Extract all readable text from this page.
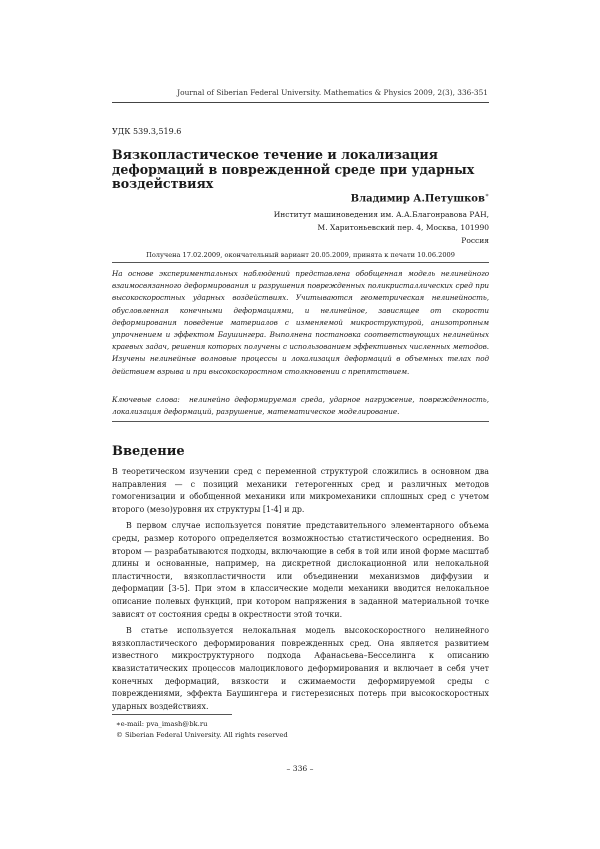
Journal of Siberian Federal University. Mathematics & Physics 2009, 2(3), 336-351
УДК 539.3,519.6
Вязкопластическое течение и локализация деформаций в поврежденной среде при ударных воздействиях
Владимир А.Петушков∗
Институт машиноведения им. А.А.Благонравова РАН,
М. Харитоньевский пер. 4, Москва, 101990
Россия
Получена 17.02.2009, окончательный вариант 20.05.2009, принята к печати 10.06.2009
На основе экспериментальных наблюдений представлена обобщенная модель нелинейного взаимосвязанного деформирования и разрушения поврежденных поликристаллических сред при высокоскоростных ударных воздействиях. Учитываются геометрическая нелинейность, обусловленная конечными деформациями, и нелинейное, зависящее от скорости деформирования поведение материалов с изменяемой микроструктурой, анизотропным упрочнением и эффектом Баушингера. Выполнена постановка соответствующих нелинейных краевых задач, решения которых получены с использованием эффективных численных методов. Изучены нелинейные волновые процессы и локализация деформаций в объемных телах под действием взрыва и при высокоскоростном столкновении с препятствием.
Ключевые слова: нелинейно деформируемая среда, ударное нагружение, поврежденность, локализация деформаций, разрушение, математическое моделирование.
Введение

В теоретическом изучении сред с переменной структурой сложились в основном два направления — с позиций механики гетерогенных сред и различных методов гомогенизации и обобщенной механики или микромеханики сплошных сред с учетом второго (мезо)уровня их структуры [1-4] и др.

В первом случае используется понятие представительного элементарного объема среды, размер которого определяется возможностью статистического осреднения. Во втором — разрабатываются подходы, включающие в себя в той или иной форме масштаб длины и основанные, например, на дискретной дислокационной или нелокальной пластичности, вязкопластичности или объединении механизмов диффузии и деформации [3-5]. При этом в классические модели механики вводится нелокальное описание полевых функций, при котором напряжения в заданной материальной точке зависят от состояния среды в окрестности этой точки.

В статье используется нелокальная модель высокоскоростного нелинейного вязкопластического деформирования поврежденных сред. Она является развитием известного микроструктурного подхода Афанасьева–Бесселинга к описанию квазистатических процессов малоциклового деформирования и включает в себя учет конечных деформаций, вязкости и сжимаемости деформируемой среды с повреждениями, эффекта Баушингера и гистерезисных потерь при высокоскоростных ударных воздействиях.

∗e-mail: pva_imash@bk.ru
© Siberian Federal University. All rights reserved
– 336 –
